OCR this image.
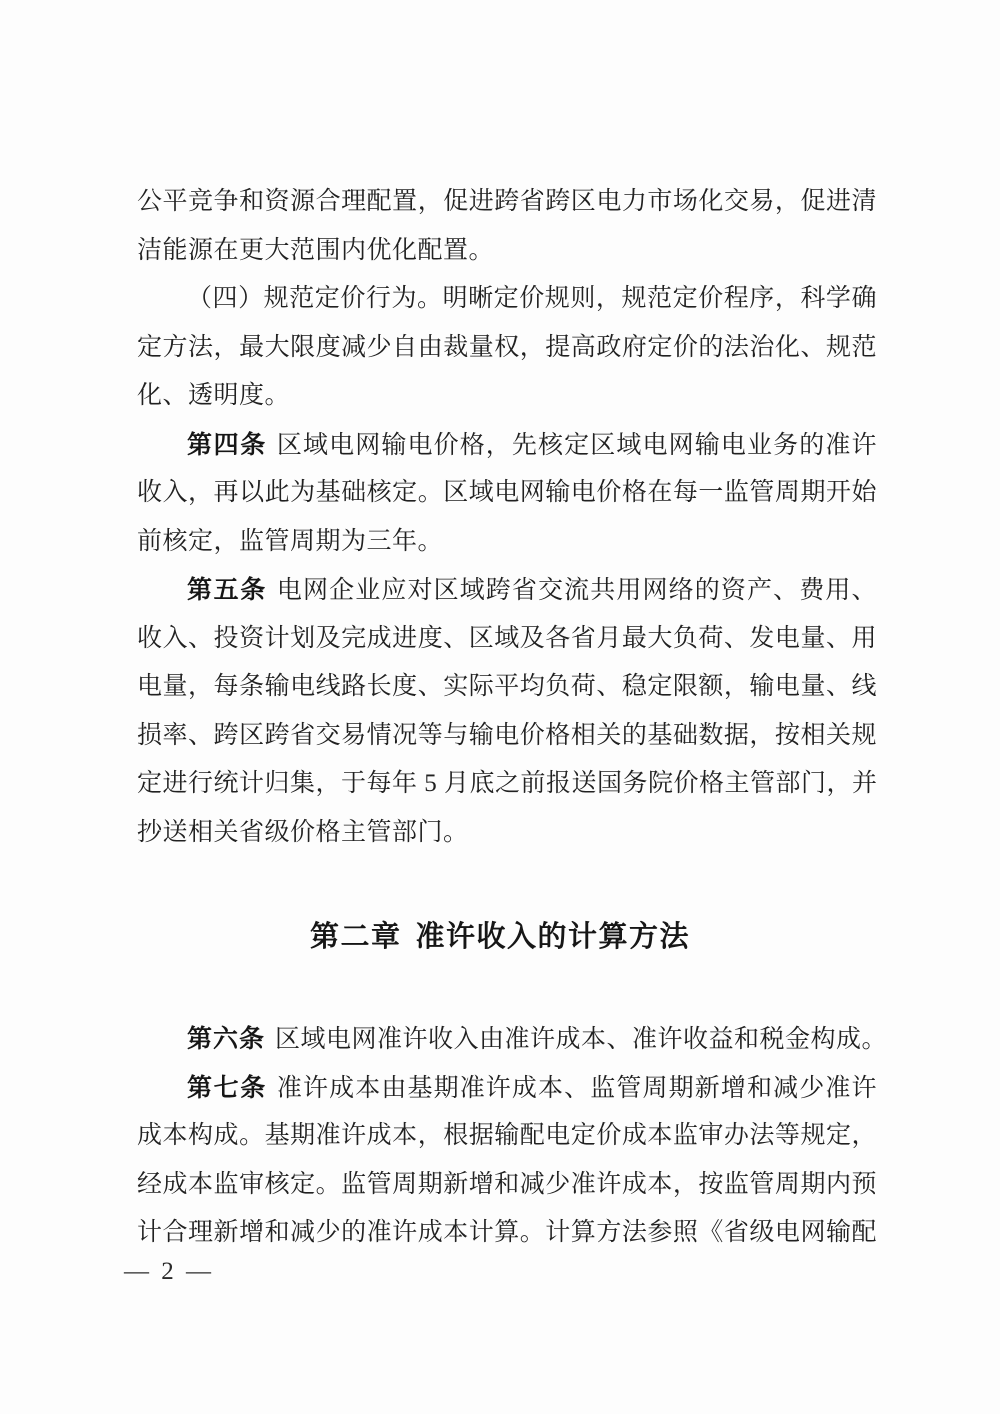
公平竞争和资源合理配置，促进跨省跨区电力市场化交易，促进清
洁能源在更大范围内优化配置。
（四）规范定价行为。明晰定价规则，规范定价程序，科学确
定方法，最大限度减少自由裁量权，提高政府定价的法治化、规范
化、透明度。
第四条 区域电网输电价格，先核定区域电网输电业务的准许
收入，再以此为基础核定。区域电网输电价格在每一监管周期开始
前核定，监管周期为三年。
第五条 电网企业应对区域跨省交流共用网络的资产、费用、
收入、投资计划及完成进度、区域及各省月最大负荷、发电量、用
电量，每条输电线路长度、实际平均负荷、稳定限额，输电量、线
损率、跨区跨省交易情况等与输电价格相关的基础数据，按相关规
定进行统计归集，于每年 5 月底之前报送国务院价格主管部门，并
抄送相关省级价格主管部门。
第二章 准许收入的计算方法
第六条 区域电网准许收入由准许成本、准许收益和税金构成。
第七条 准许成本由基期准许成本、监管周期新增和减少准许
成本构成。基期准许成本，根据输配电定价成本监审办法等规定，
经成本监审核定。监管周期新增和减少准许成本，按监管周期内预
计合理新增和减少的准许成本计算。计算方法参照《省级电网输配
— 2 —
